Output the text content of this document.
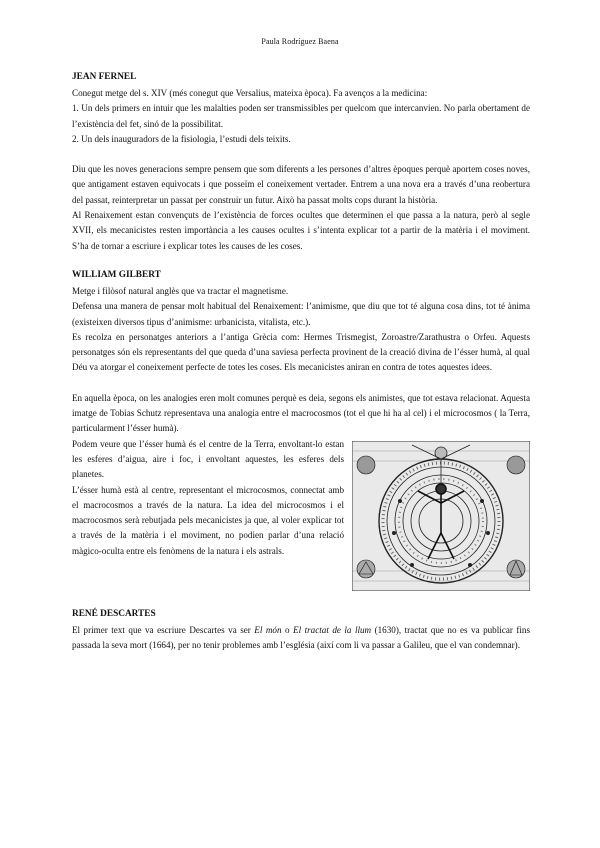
Paula Rodríguez Baena
JEAN FERNEL

Conegut metge del s. XIV (més conegut que Versalius, mateixa època). Fa avenços a la medicina:

1. Un dels primers en intuir que les malalties poden ser transmissibles per quelcom que intercanvien. No parla obertament de l’existència del fet, sinó de la possibilitat.

2. Un dels inauguradors de la fisiologia, l’estudi dels teixits.

Diu que les noves generacions sempre pensem que som diferents a les persones d’altres èpoques perquè aportem coses noves, que antigament estaven equivocats i que posseïm el coneixement vertader. Entrem a una nova era a través d’una reobertura del passat, reinterpretar un passat per construir un futur. Això ha passat molts cops durant la història.

Al Renaixement estan convençuts de l’existència de forces ocultes que determinen el que passa a la natura, però al segle XVII, els mecanicistes resten importància a les causes ocultes i s’intenta explicar tot a partir de la matèria i el moviment. S’ha de tornar a escriure i explicar totes les causes de les coses.

WILLIAM GILBERT

Metge i filòsof natural anglès que va tractar el magnetisme.

Defensa una manera de pensar molt habitual del Renaixement: l’animisme, que diu que tot té alguna cosa dins, tot té ànima (existeixen diversos tipus d’animisme: urbanicista, vitalista, etc.).

Es recolza en personatges anteriors a l’antiga Grècia com: Hermes Trismegist, Zoroastre/Zarathustra o Orfeu. Aquests personatges són els representants del que queda d’una saviesa perfecta provinent de la creació divina de l’ésser humà, al qual Déu va atorgar el coneixement perfecte de totes les coses. Els mecanicistes aniran en contra de totes aquestes idees.

En aquella època, on les analogies eren molt comunes perquè es deia, segons els animistes, que tot estava relacionat. Aquesta imatge de Tobias Schutz representava una analogia entre el macrocosmos (tot el que hi ha al cel) i el microcosmos ( la Terra, particularment l’ésser humà).

Podem veure que l’ésser humà és el centre de la Terra, envoltant-lo estan les esferes d’aigua, aire i foc, i envoltant aquestes, les esferes dels planetes.

L’ésser humà està al centre, representant el microcosmos, connectat amb el macrocosmos a través de la natura. La idea del microcosmos i el macrocosmos serà rebutjada pels mecanicistes ja que, al voler explicar tot a través de la matèria i el moviment, no podien parlar d’una relació màgico-oculta entre els fenòmens de la natura i els astrals.

RENÉ DESCARTES

El primer text que va escriure Descartes va ser El món o El tractat de la llum (1630), tractat que no es va publicar fins passada la seva mort (1664), per no tenir problemes amb l’església (així com li va passar a Galileu, que el van condemnar).
